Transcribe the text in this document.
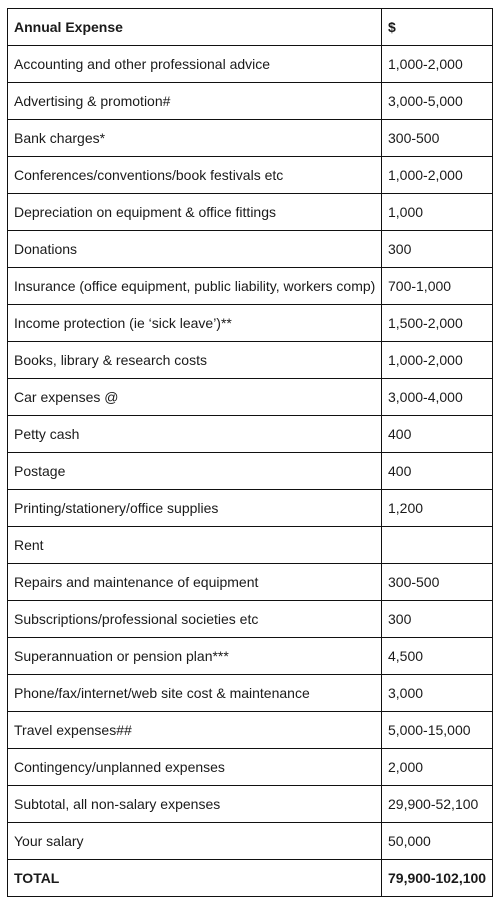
Annual Expense	$
Accounting and other professional advice	1,000-2,000
Advertising & promotion#	3,000-5,000
Bank charges*	300-500
Conferences/conventions/book festivals etc	1,000-2,000
Depreciation on equipment & office fittings	1,000
Donations	300
Insurance (office equipment, public liability, workers comp)	700-1,000
Income protection (ie ‘sick leave’)**	1,500-2,000
Books, library & research costs	1,000-2,000
Car expenses @	3,000-4,000
Petty cash	400
Postage	400
Printing/stationery/office supplies	1,200
Rent	
Repairs and maintenance of equipment	300-500
Subscriptions/professional societies etc	300
Superannuation or pension plan***	4,500
Phone/fax/internet/web site cost & maintenance	3,000
Travel expenses##	5,000-15,000
Contingency/unplanned expenses	2,000
Subtotal, all non-salary expenses	29,900-52,100
Your salary	50,000
TOTAL	79,900-102,100
